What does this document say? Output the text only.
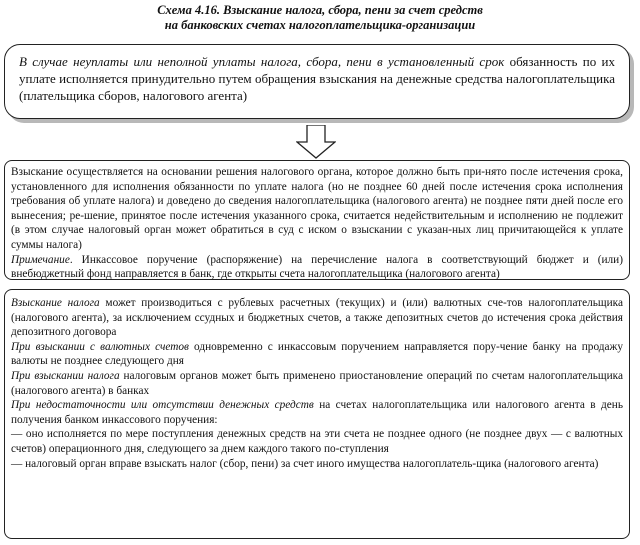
Схема 4.16. Взыскание налога, сбора, пени за счет средств
на банковских счетах налогоплательщика-организации

В случае неуплаты или неполной уплаты налога, сбора, пени в установленный срок обязанность по их уплате исполняется принудительно путем обращения взыскания на денежные средства налогоплательщика (плательщика сборов, налогового агента)

Взыскание осуществляется на основании решения налогового органа, которое должно быть при-нято после истечения срока, установленного для исполнения обязанности по уплате налога (но не позднее 60 дней после истечения срока исполнения требования об уплате налога) и доведено до сведения налогоплательщика (налогового агента) не позднее пяти дней после его вынесения; ре-шение, принятое после истечения указанного срока, считается недействительным и исполнению не подлежит (в этом случае налоговый орган может обратиться в суд с иском о взыскании с указан-ных лиц причитающейся к уплате суммы налога)

Примечание. Инкассовое поручение (распоряжение) на перечисление налога в соответствующий бюджет и (или) внебюджетный фонд направляется в банк, где открыты счета налогоплательщика (налогового агента)

Взыскание налога может производиться с рублевых расчетных (текущих) и (или) валютных сче-тов налогоплательщика (налогового агента), за исключением ссудных и бюджетных счетов, а также депозитных счетов до истечения срока действия депозитного договора

При взыскании с валютных счетов одновременно с инкассовым поручением направляется пору-чение банку на продажу валюты не позднее следующего дня

При взыскании налога налоговым органов может быть применено приостановление операций по счетам налогоплательщика (налогового агента) в банках

При недостаточности или отсутствии денежных средств на счетах налогоплательщика или налогового агента в день получения банком инкассового поручения:

— оно исполняется по мере поступления денежных средств на эти счета не позднее одного (не позднее двух — с валютных счетов) операционного дня, следующего за днем каждого такого по-ступления

— налоговый орган вправе взыскать налог (сбор, пени) за счет иного имущества налогоплатель-щика (налогового агента)
